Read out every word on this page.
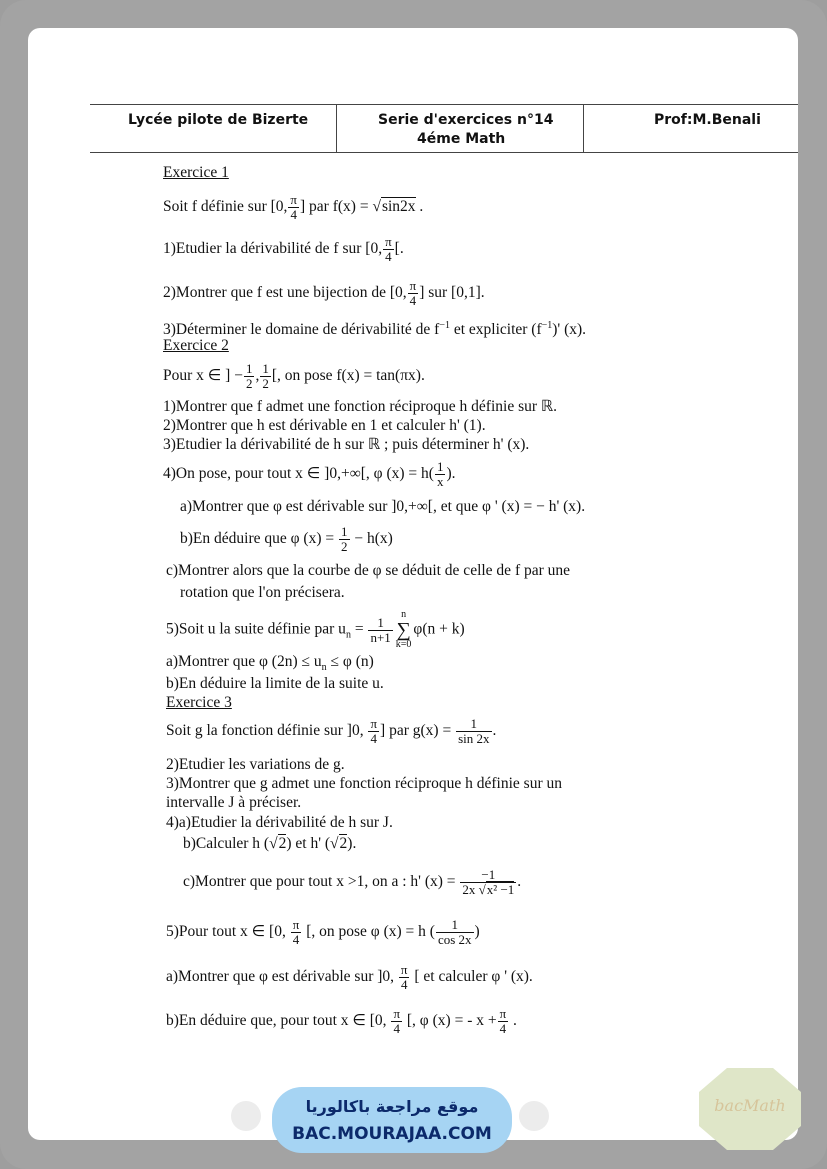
Lycée pilote de Bizerte	Serie d'exercices n°14
4éme Math
Prof:M.Benali
Exercice 1
Soit f définie sur [0, $\frac{\pi}{4}$ ] par f(x) = √sin2x .
1)Etudier la dérivabilité de f sur [0, $\frac{\pi}{4}$ [.
2)Montrer que f est une bijection de [0, $\frac{\pi}{4}$ ] sur [0,1].
3)Déterminer le domaine de dérivabilité de $f^{-1}$ et expliciter $(f^{-1})'$ (x).
Exercice 2
Pour x ∈ ] − $\frac{1}{2}$ , $\frac{1}{2}$ [, on pose f(x) = tan(πx).
1)Montrer que f admet une fonction réciproque h définie sur ℝ.
2)Montrer que h est dérivable en 1 et calculer h' (1).
3)Etudier la dérivabilité de h sur ℝ ; puis déterminer h' (x).
4)On pose, pour tout x ∈ ]0,+∞[, φ $(x) = h( \frac{1}{x}$ ).
a)Montrer que φ est dérivable sur ]0,+∞[, et que φ ' (x) = − h' (x).
b)En déduire que φ $(x) = \frac{1}{2} - h(x)$
c)Montrer alors que la courbe de φ se déduit de celle de f par une
rotation que l'on précisera.
5)Soit u la suite définie par $u_n = \frac{1}{n+1}$
n
∑
k=0φ(n + k)
a)Montrer que φ $(2n) \le u_n \le \varphi$ (n)
b)En déduire la limite de la suite u.
Exercice 3
Soit g la fonction définie sur ]0, $\frac{\pi}{4}$ ] par $g(x) = \frac{1}{\sin 2x}$ .
2)Etudier les variations de g.
3)Montrer que g admet une fonction réciproque h définie sur un
intervalle J à préciser.
4)a)Etudier la dérivabilité de h sur J.
b)Calculer h (√2) et h' (√2).
c)Montrer que pour tout x >1, on a : h' $(x) = \frac{-1}{\text{2x √x² −1}}$ .
5)Pour tout x ∈ [0, $\frac{\pi}{4}$ [, on pose φ (x) = h ( $\frac{1}{\cos 2x}$ )
a)Montrer que φ est dérivable sur ]0, $\frac{\pi}{4}$ [ et calculer φ ' (x).
b)En déduire que, pour tout x ∈ [0, $\frac{\pi}{4}$ [, φ (x) = - $x + \frac{\pi}{4}$ .
موقع مراجعة باكالوريا
BAC.MOURAJAA.COM
bacMath
